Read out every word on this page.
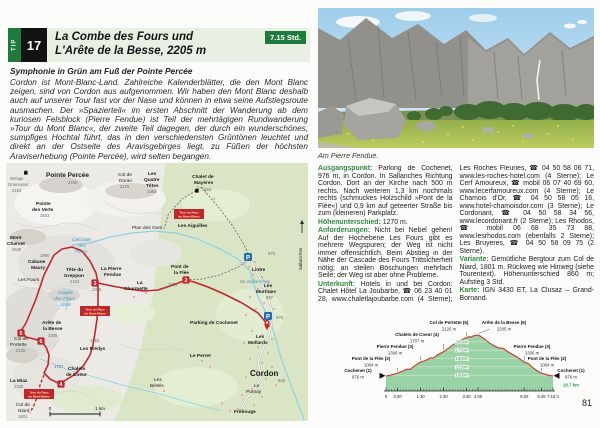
TIP 17
La Combe des Fours und
L'Arête de la Besse, 2205 m
7.15 Std.
Symphonie in Grün am Fuß der Pointe Percée
Cordon ist Mont-Blanc-Land. Zahlreiche Kalenderblätter, die den Mont Blanc zeigen, sind von Cordon aus aufgenommen. Wir haben den Mont Blanc deshalb auch auf unserer Tour fast vor der Nase und können in etwa seine Aufstiegsroute ausmachen. Der »Spazierteil« im ersten Abschnitt der Wanderung ab dem kuriosen Felsblock (Pierre Fendue) ist Teil der mehrtägigen Rundwanderung »Tour du Mont Blanc«, der zweite Teil dagegen, der durch ein wunderschönes, sumpfiges Hochtal führt, das in den verschiedensten Grüntönen leuchtet und direkt an der Ostseite des Aravisgebirges liegt, zu Füßen der höchsten Araviserhebung (Pointe Percée), wird selten begangen.
2
3
4
5
6
Tour du Pays
du Mont-Blanc
Tour du Pays
du Mont-Blanc
Tour du Pays
du Mont-Blanc
P
P
0	1 km
Sallanches
Refuge
Gramusset
2164
Pointe Percée
2750
Col de
Doran
2178
Les
Quatre
Têtes
2364
Chalet de
Mayères
1563
Pointe
des Verts
2553
Plan des Ours
Mont
Charvet
2539
Les Aiguilles
Cascade
des
Fours
1990
Cabane
Maury
Les Fours
Tête du
Greppon
2344
La Pierre
Fendue
1396
La
Charmette
Pont de
la Flée
1064
Lintre
970
La Sallanches
Les
Murtines
987
Gouille
des Fours
2046
Arête de
la Besse
2205
Col de
Portette
2126
1653
Les Frédys
1707
Chalets
de Coeur
La Miaz
2336
Col de
Niard
1801
Parking de Cochenet
976
Les
Mollards
Le Perret
Cordon
928
Le
Pornay
Les
Bénés
Frébouge
Am Pierre Fendue.

Ausgangspunkt: Parking de Cochenet, 976 m, in Cordon. In Sallanches Richtung Cordon. Dort an der Kirche nach 500 m rechts. Nach weiteren 1,3 km nochmals rechts (schmuckes Holzschild »Pont de la Flée«) und 0,9 km auf geteerter Straße bis zum (kleineren) Parkplatz.

Höhenunterschied: 1270 m.

Anforderungen: Nicht bei Nebel gehen! Auf der Hochebene Les Fours gibt es mehrere Wegspuren; der Weg ist nicht immer offensichtlich. Beim Abstieg in der Nähe der Cascade des Fours Trittsicherheit nötig; an steilen Böschungen mehrfach Seile; der Weg ist aber ohne Probleme.

Unterkunft: Hotels in und bei Cordon: Chalet Hôtel La Joubarbe, ☎ 06 23 40 01 28, www.chaletlajoubarbe.com (4 Sterne); Les Roches Fleuries, ☎ 04 50 58 06 71, www.les-roches-hotel.com (4 Sterne); Le Cerf Amoureux, ☎ mobil 06 07 40 69 60, www.lecerfamoureux.com (4 Sterne); Le Chamois d'Or, ☎ 04 50 58 05 16, www.hotel-chamoisdor.com (3 Sterne); Le Cordonant, ☎ 04 50 58 34 56, www.lecordonant.fr (2 Sterne); Les Rhodos, ☎ mobil 06 68 35 73 88, www.lesrhodos.com (ebenfalls 2 Sterne); Les Bruyeres, ☎ 04 50 58 09 75 (2 Sterne).

Variante: Gemütliche Bergtour zum Col de Niard, 1801 m. Rückweg wie Hinweg (siehe Tourentext). Höhenunterschied 860 m; Aufstieg 3 Std.

Karte: IGN 3430 ET, La Clusaz – Grand-Bornand.

0 0.30	1.30	2.30	3.30 4.00	6.00 6.45 7.15 h
1000m
1250m
1500m
1750m
2000m
18.7 km
Cochenet (1)
976 m
Pont de la Flée (2)
1064 m
Pierre Fendue (3)
1396 m
Chalets de Coeur (4)
1707 m
Col de Portette (5)
2126 m
Arête de la Besse (6)
2205 m
Pierre Fendue (3)
1396 m
Pont de la Flée (2)
1064 m
Cochenet (1)
976 m
81
